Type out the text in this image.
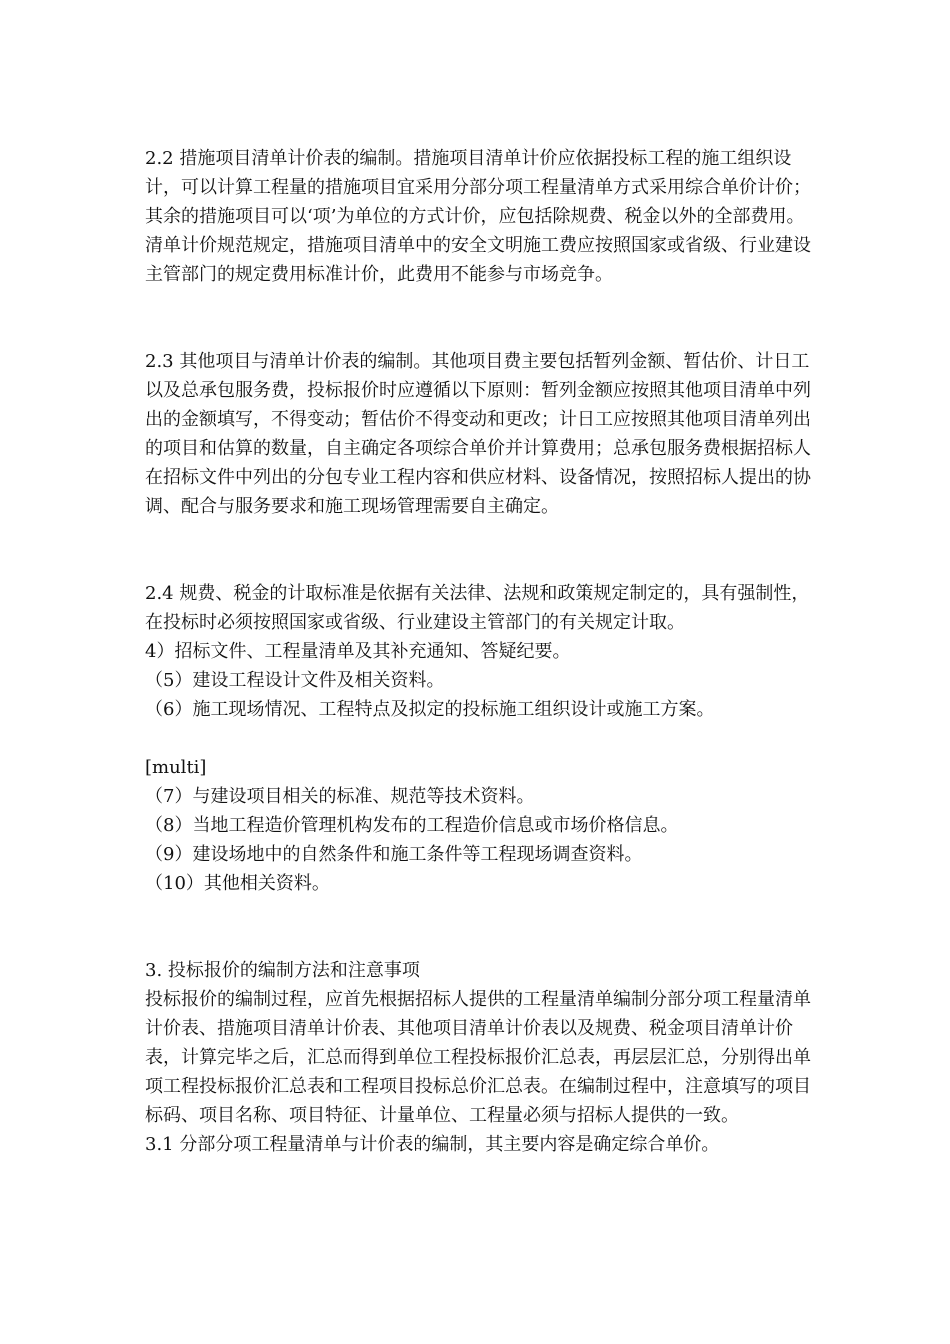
2.2 措施项目清单计价表的编制。措施项目清单计价应依据投标工程的施工组织设计，可以计算工程量的措施项目宜采用分部分项工程量清单方式采用综合单价计价；其余的措施项目可以‘项’为单位的方式计价，应包括除规费、税金以外的全部费用。

清单计价规范规定，措施项目清单中的安全文明施工费应按照国家或省级、行业建设主管部门的规定费用标准计价，此费用不能参与市场竞争。

2.3 其他项目与清单计价表的编制。其他项目费主要包括暂列金额、暂估价、计日工以及总承包服务费，投标报价时应遵循以下原则：暂列金额应按照其他项目清单中列出的金额填写，不得变动；暂估价不得变动和更改；计日工应按照其他项目清单列出的项目和估算的数量，自主确定各项综合单价并计算费用；总承包服务费根据招标人在招标文件中列出的分包专业工程内容和供应材料、设备情况，按照招标人提出的协调、配合与服务要求和施工现场管理需要自主确定。

2.4 规费、税金的计取标准是依据有关法律、法规和政策规定制定的，具有强制性，在投标时必须按照国家或省级、行业建设主管部门的有关规定计取。

4）招标文件、工程量清单及其补充通知、答疑纪要。

（5）建设工程设计文件及相关资料。

（6）施工现场情况、工程特点及拟定的投标施工组织设计或施工方案。

[multi]

（7）与建设项目相关的标准、规范等技术资料。

（8）当地工程造价管理机构发布的工程造价信息或市场价格信息。

（9）建设场地中的自然条件和施工条件等工程现场调查资料。

（10）其他相关资料。

3. 投标报价的编制方法和注意事项

投标报价的编制过程，应首先根据招标人提供的工程量清单编制分部分项工程量清单计价表、措施项目清单计价表、其他项目清单计价表以及规费、税金项目清单计价表，计算完毕之后，汇总而得到单位工程投标报价汇总表，再层层汇总，分别得出单项工程投标报价汇总表和工程项目投标总价汇总表。在编制过程中，注意填写的项目标码、项目名称、项目特征、计量单位、工程量必须与招标人提供的一致。

3.1 分部分项工程量清单与计价表的编制，其主要内容是确定综合单价。
